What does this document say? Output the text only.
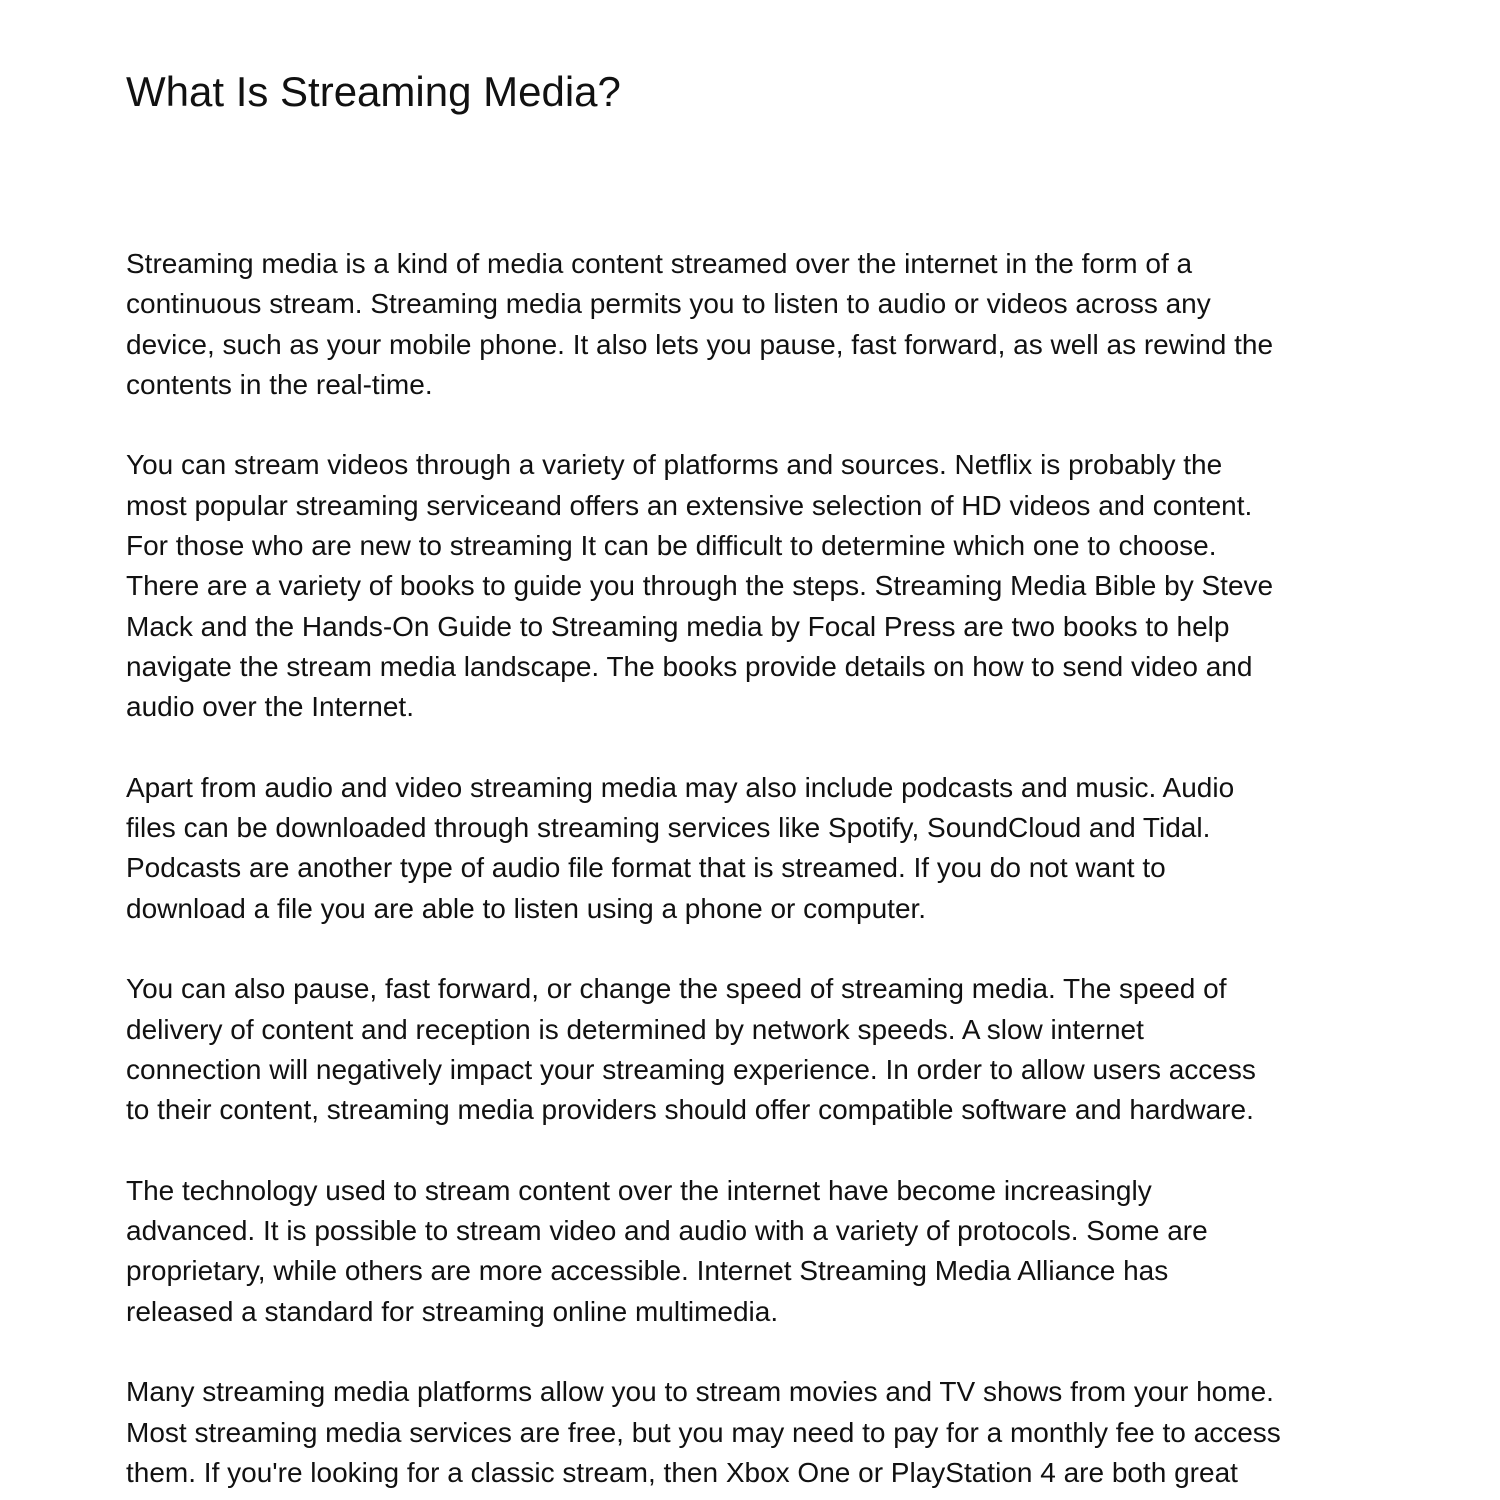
What Is Streaming Media?

Streaming media is a kind of media content streamed over the internet in the form of a
continuous stream. Streaming media permits you to listen to audio or videos across any
device, such as your mobile phone. It also lets you pause, fast forward, as well as rewind the
contents in the real-time.

You can stream videos through a variety of platforms and sources. Netflix is probably the
most popular streaming serviceand offers an extensive selection of HD videos and content.
For those who are new to streaming It can be difficult to determine which one to choose.
There are a variety of books to guide you through the steps. Streaming Media Bible by Steve
Mack and the Hands-On Guide to Streaming media by Focal Press are two books to help
navigate the stream media landscape. The books provide details on how to send video and
audio over the Internet.

Apart from audio and video streaming media may also include podcasts and music. Audio
files can be downloaded through streaming services like Spotify, SoundCloud and Tidal.
Podcasts are another type of audio file format that is streamed. If you do not want to
download a file you are able to listen using a phone or computer.

You can also pause, fast forward, or change the speed of streaming media. The speed of
delivery of content and reception is determined by network speeds. A slow internet
connection will negatively impact your streaming experience. In order to allow users access
to their content, streaming media providers should offer compatible software and hardware.

The technology used to stream content over the internet have become increasingly
advanced. It is possible to stream video and audio with a variety of protocols. Some are
proprietary, while others are more accessible. Internet Streaming Media Alliance has
released a standard for streaming online multimedia.

Many streaming media platforms allow you to stream movies and TV shows from your home.
Most streaming media services are free, but you may need to pay for a monthly fee to access
them. If you're looking for a classic stream, then Xbox One or PlayStation 4 are both great
